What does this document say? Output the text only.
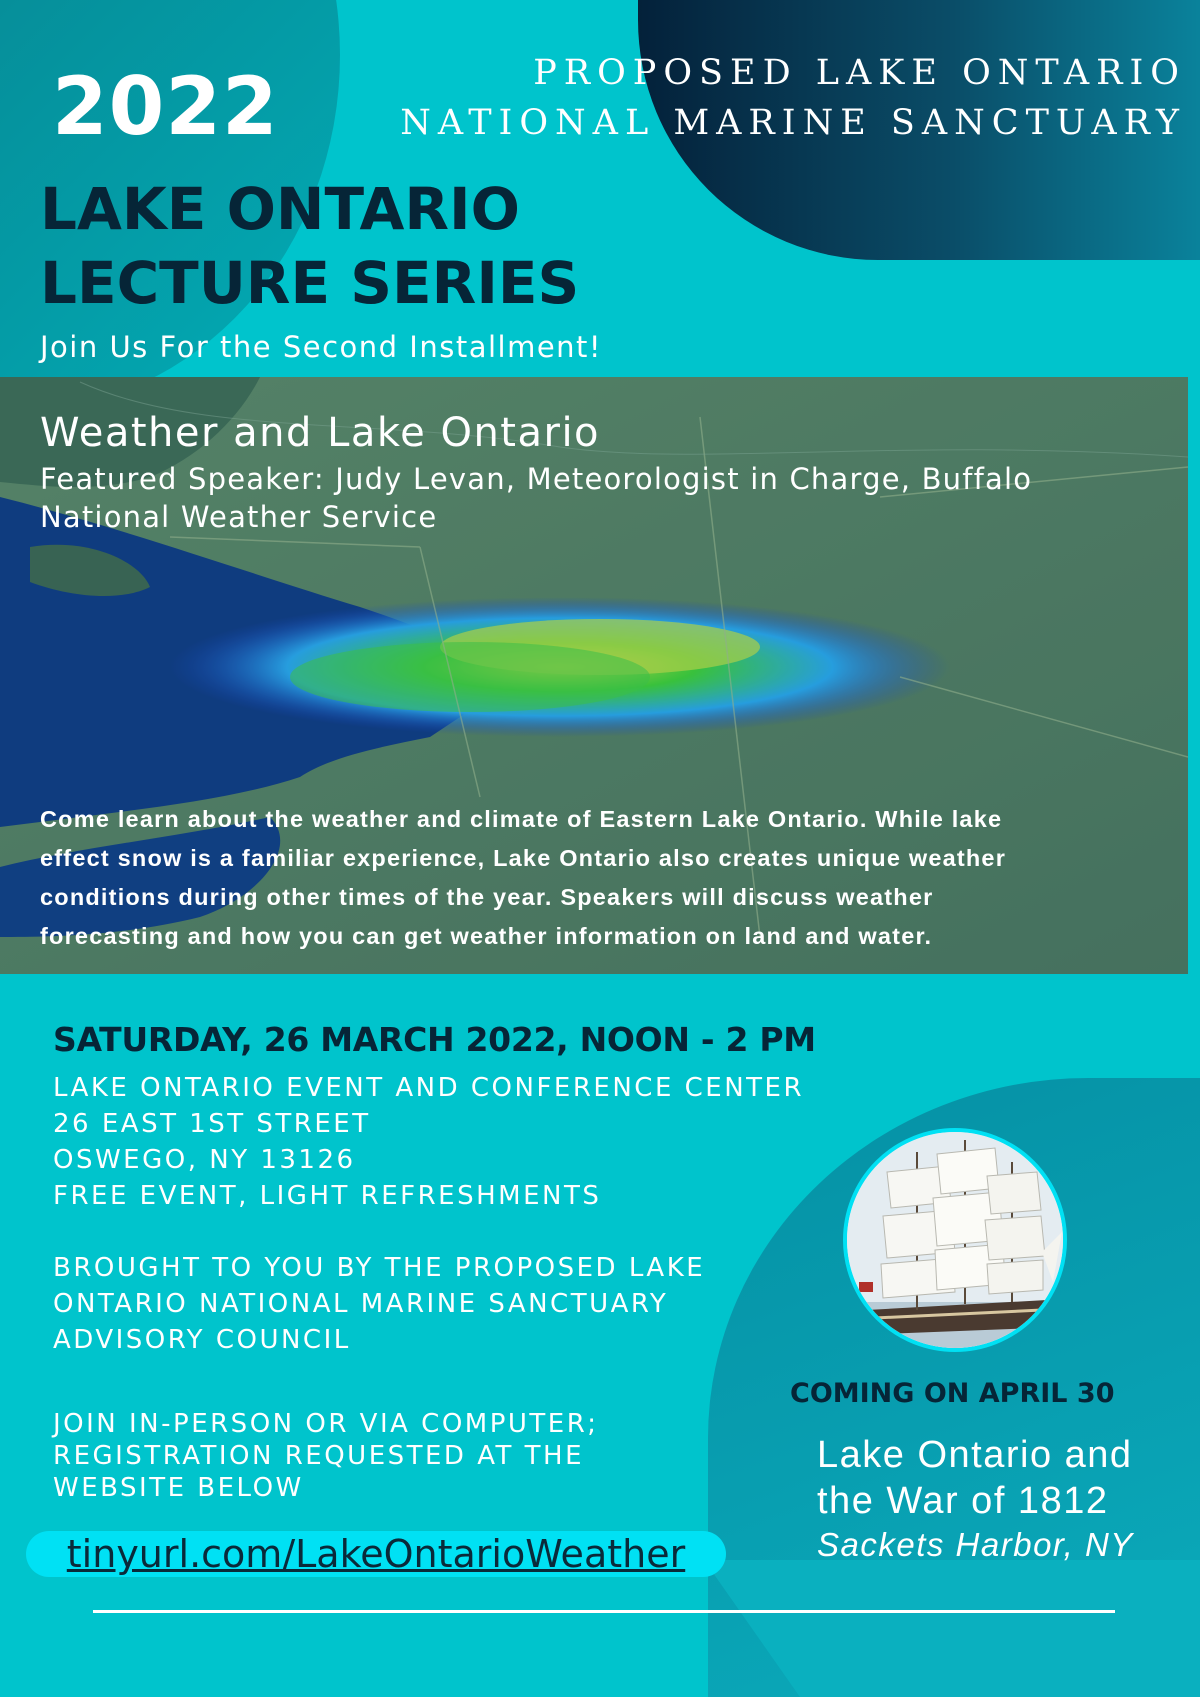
2022	PROPOSED LAKE ONTARIO
NATIONAL MARINE SANCTUARY
LAKE ONTARIO
LECTURE SERIES
Join Us For the Second Installment!
Weather and Lake Ontario
Featured Speaker: Judy Levan, Meteorologist in Charge, Buffalo
National Weather Service
Come learn about the weather and climate of Eastern Lake Ontario. While lake
effect snow is a familiar experience, Lake Ontario also creates unique weather
conditions during other times of the year. Speakers will discuss weather
forecasting and how you can get weather information on land and water.
SATURDAY, 26 MARCH 2022, NOON - 2 PM
LAKE ONTARIO EVENT AND CONFERENCE CENTER
26 EAST 1ST STREET
OSWEGO, NY 13126
FREE EVENT, LIGHT REFRESHMENTS
BROUGHT TO YOU BY THE PROPOSED LAKE
ONTARIO NATIONAL MARINE SANCTUARY
ADVISORY COUNCIL
JOIN IN-PERSON OR VIA COMPUTER;
REGISTRATION REQUESTED AT THE
WEBSITE BELOW
tinyurl.com/LakeOntarioWeather
COMING ON APRIL 30
Lake Ontario and
the War of 1812
Sackets Harbor, NY
